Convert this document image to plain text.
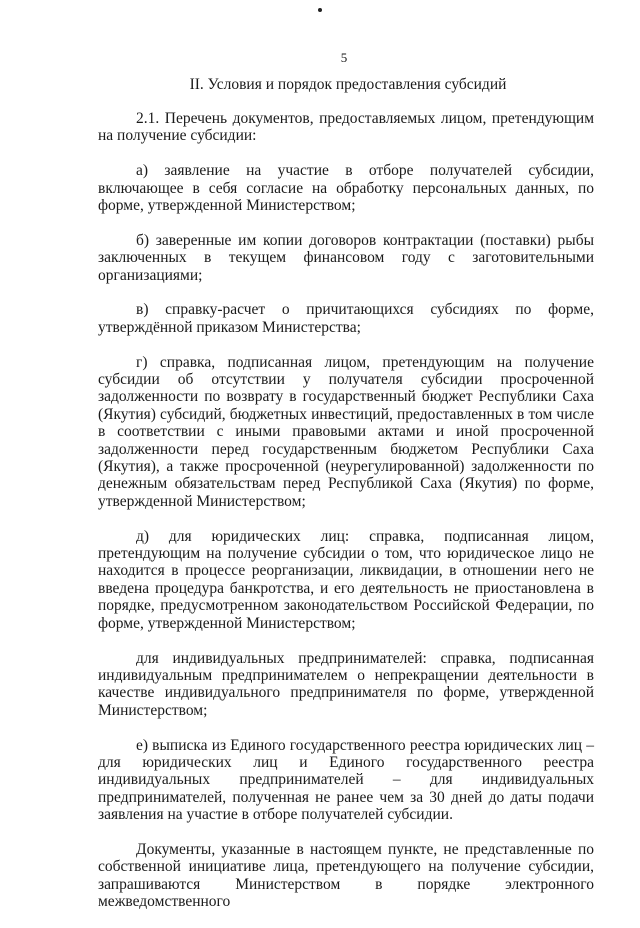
5
II. Условия и порядок предоставления субсидий

2.1. Перечень документов, предоставляемых лицом, претендующим на получение субсидии:

а) заявление на участие в отборе получателей субсидии, включающее в себя согласие на обработку персональных данных, по форме, утвержденной Министерством;

б) заверенные им копии договоров контрактации (поставки) рыбы заключенных в текущем финансовом году с заготовительными организациями;

в) справку-расчет о причитающихся субсидиях по форме, утверждённой приказом Министерства;

г) справка, подписанная лицом, претендующим на получение субсидии об отсутствии у получателя субсидии просроченной задолженности по возврату в государственный бюджет Республики Саха (Якутия) субсидий, бюджетных инвестиций, предоставленных в том числе в соответствии с иными правовыми актами и иной просроченной задолженности перед государственным бюджетом Республики Саха (Якутия), а также просроченной (неурегулированной) задолженности по денежным обязательствам перед Республикой Саха (Якутия) по форме, утвержденной Министерством;

д) для юридических лиц: справка, подписанная лицом, претендующим на получение субсидии о том, что юридическое лицо не находится в процессе реорганизации, ликвидации, в отношении него не введена процедура банкротства, и его деятельность не приостановлена в порядке, предусмотренном законодательством Российской Федерации, по форме, утвержденной Министерством;

для индивидуальных предпринимателей: справка, подписанная индивидуальным предпринимателем о непрекращении деятельности в качестве индивидуального предпринимателя по форме, утвержденной Министерством;

е) выписка из Единого государственного реестра юридических лиц – для юридических лиц и Единого государственного реестра индивидуальных предпринимателей – для индивидуальных предпринимателей, полученная не ранее чем за 30 дней до даты подачи заявления на участие в отборе получателей субсидии.

Документы, указанные в настоящем пункте, не представленные по собственной инициативе лица, претендующего на получение субсидии, запрашиваются Министерством в порядке электронного межведомственного
